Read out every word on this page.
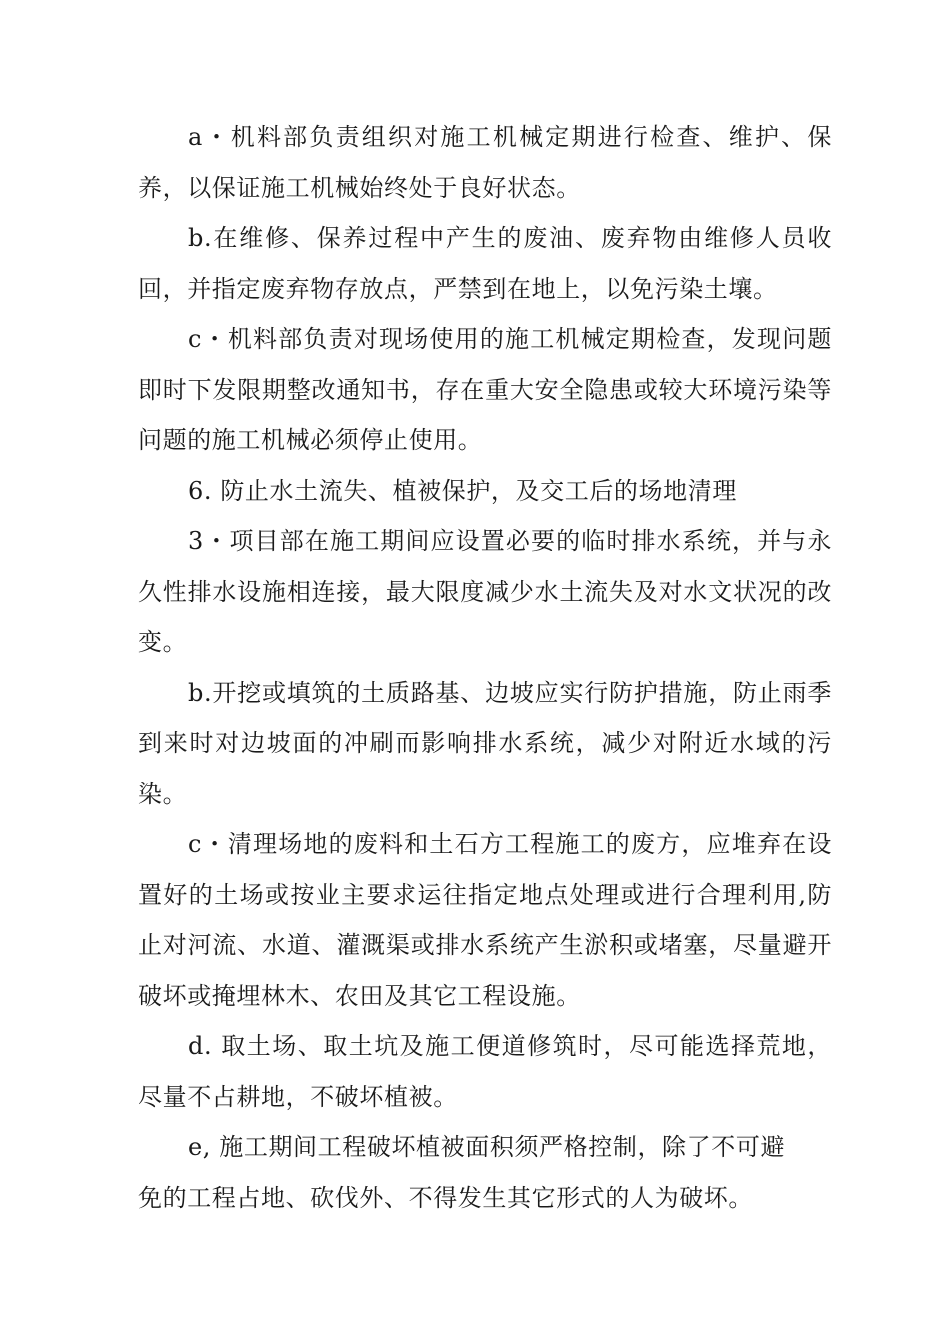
a・机料部负责组织对施工机械定期进行检查、维护、保养，以保证施工机械始终处于良好状态。

b.在维修、保养过程中产生的废油、废弃物由维修人员收回，并指定废弃物存放点，严禁到在地上，以免污染土壤。

c・机料部负责对现场使用的施工机械定期检查，发现问题即时下发限期整改通知书，存在重大安全隐患或较大环境污染等问题的施工机械必须停止使用。

6. 防止水土流失、植被保护，及交工后的场地清理

3・项目部在施工期间应设置必要的临时排水系统，并与永久性排水设施相连接，最大限度减少水土流失及对水文状况的改变。

b.开挖或填筑的土质路基、边坡应实行防护措施，防止雨季到来时对边坡面的冲刷而影响排水系统，减少对附近水域的污染。

c・清理场地的废料和土石方工程施工的废方，应堆弃在设置好的土场或按业主要求运往指定地点处理或进行合理利用,防止对河流、水道、灌溉渠或排水系统产生淤积或堵塞，尽量避开破坏或掩埋林木、农田及其它工程设施。

d. 取土场、取土坑及施工便道修筑时，尽可能选择荒地，尽量不占耕地，不破坏植被。

e, 施工期间工程破坏植被面积须严格控制，除了不可避

免的工程占地、砍伐外、不得发生其它形式的人为破坏。
